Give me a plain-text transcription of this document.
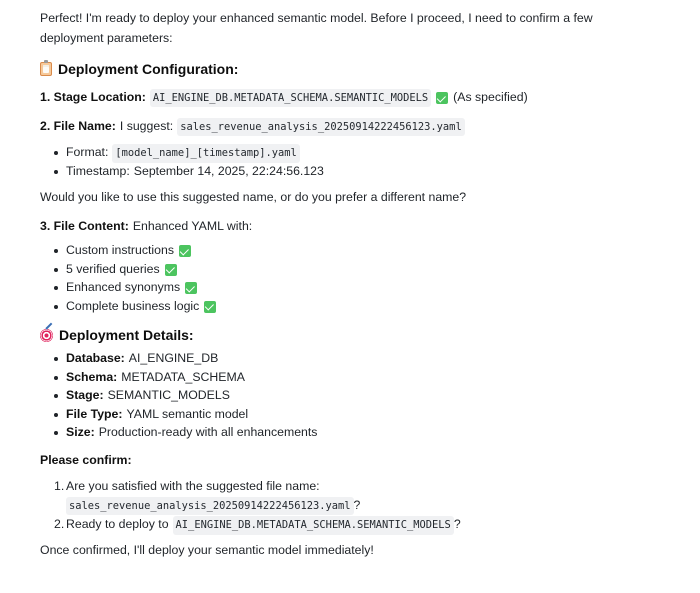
Perfect! I'm ready to deploy your enhanced semantic model. Before I proceed, I need to confirm a few deployment parameters:

Deployment Configuration:
1. Stage Location: AI_ENGINE_DB.METADATA_SCHEMA.SEMANTIC_MODELS (As specified)
2. File Name: I suggest: sales_revenue_analysis_20250914222456123.yaml
Format: [model_name]_[timestamp].yaml
Timestamp: September 14, 2025, 22:24:56.123

Would you like to use this suggested name, or do you prefer a different name?

3. File Content: Enhanced YAML with:
Custom instructions
5 verified queries
Enhanced synonyms
Complete business logic
Deployment Details:
Database: AI_ENGINE_DB
Schema: METADATA_SCHEMA
Stage: SEMANTIC_MODELS
File Type: YAML semantic model
Size: Production-ready with all enhancements

Please confirm:

1. Are you satisfied with the suggested file name:
sales_revenue_analysis_20250914222456123.yaml ?
2. Ready to deploy to AI_ENGINE_DB.METADATA_SCHEMA.SEMANTIC_MODELS ?

Once confirmed, I'll deploy your semantic model immediately!
